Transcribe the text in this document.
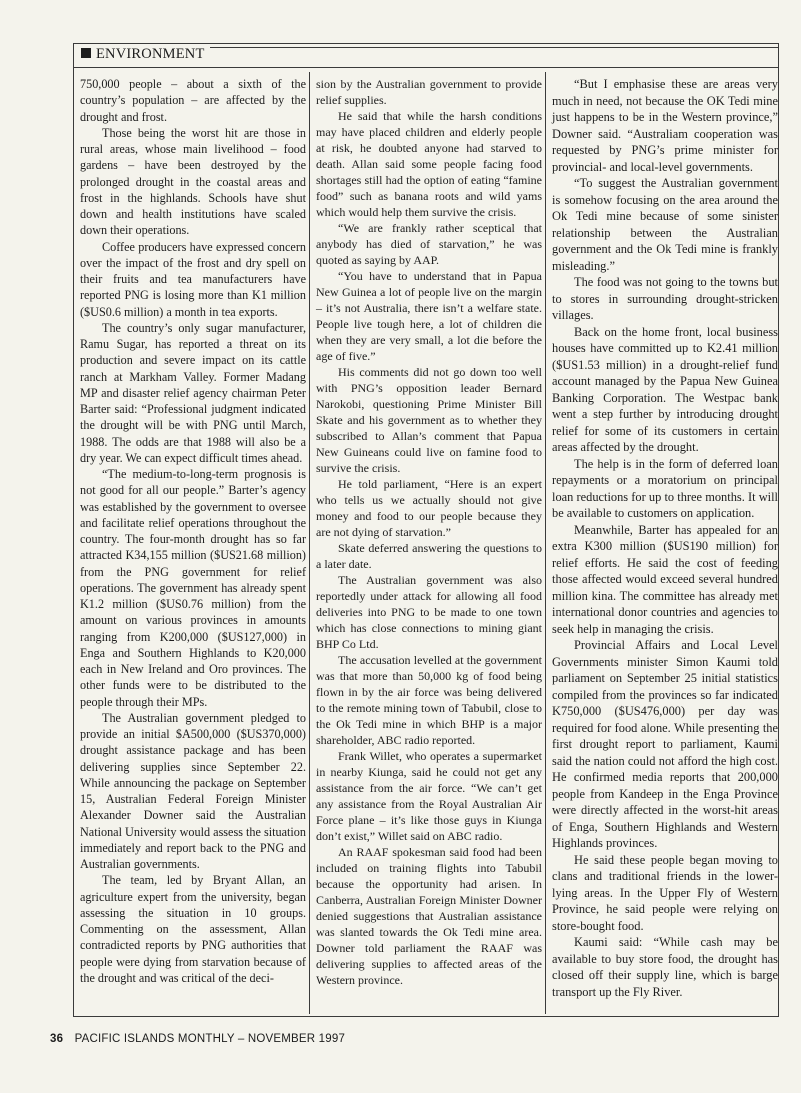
ENVIRONMENT

750,000 people – about a sixth of the country’s population – are affected by the drought and frost.

Those being the worst hit are those in rural areas, whose main livelihood – food gardens – have been destroyed by the prolonged drought in the coastal areas and frost in the highlands. Schools have shut down and health institutions have scaled down their operations.

Coffee producers have expressed concern over the impact of the frost and dry spell on their fruits and tea manufacturers have reported PNG is losing more than K1 million ($US0.6 million) a month in tea exports.

The country’s only sugar manufacturer, Ramu Sugar, has reported a threat on its production and severe impact on its cattle ranch at Markham Valley. Former Madang MP and disaster relief agency chairman Peter Barter said: “Professional judgment indicated the drought will be with PNG until March, 1988. The odds are that 1988 will also be a dry year. We can expect difficult times ahead.

“The medium-to-long-term prognosis is not good for all our people.” Barter’s agency was established by the government to oversee and facilitate relief operations throughout the country. The four-month drought has so far attracted K34,155 million ($US21.68 million) from the PNG government for relief operations. The government has already spent K1.2 million ($US0.76 million) from the amount on various provinces in amounts ranging from K200,000 ($US127,000) in Enga and Southern Highlands to K20,000 each in New Ireland and Oro provinces. The other funds were to be distributed to the people through their MPs.

The Australian government pledged to provide an initial $A500,000 ($US370,000) drought assistance package and has been delivering supplies since September 22. While announcing the package on September 15, Australian Federal Foreign Minister Alexander Downer said the Australian National University would assess the situation immediately and report back to the PNG and Australian governments.

The team, led by Bryant Allan, an agriculture expert from the university, began assessing the situation in 10 groups. Commenting on the assessment, Allan contradicted reports by PNG authorities that people were dying from starvation because of the drought and was critical of the deci-

sion by the Australian government to provide relief supplies.

He said that while the harsh conditions may have placed children and elderly people at risk, he doubted anyone had starved to death. Allan said some people facing food shortages still had the option of eating “famine food” such as banana roots and wild yams which would help them survive the crisis.

“We are frankly rather sceptical that anybody has died of starvation,” he was quoted as saying by AAP.

“You have to understand that in Papua New Guinea a lot of people live on the margin – it’s not Australia, there isn’t a welfare state. People live tough here, a lot of children die when they are very small, a lot die before the age of five.”

His comments did not go down too well with PNG’s opposition leader Bernard Narokobi, questioning Prime Minister Bill Skate and his government as to whether they subscribed to Allan’s comment that Papua New Guineans could live on famine food to survive the crisis.

He told parliament, “Here is an expert who tells us we actually should not give money and food to our people because they are not dying of starvation.”

Skate deferred answering the questions to a later date.

The Australian government was also reportedly under attack for allowing all food deliveries into PNG to be made to one town which has close connections to mining giant BHP Co Ltd.

The accusation levelled at the government was that more than 50,000 kg of food being flown in by the air force was being delivered to the remote mining town of Tabubil, close to the Ok Tedi mine in which BHP is a major shareholder, ABC radio reported.

Frank Willet, who operates a supermarket in nearby Kiunga, said he could not get any assistance from the air force. “We can’t get any assistance from the Royal Australian Air Force plane – it’s like those guys in Kiunga don’t exist,” Willet said on ABC radio.

An RAAF spokesman said food had been included on training flights into Tabubil because the opportunity had arisen. In Canberra, Australian Foreign Minister Downer denied suggestions that Australian assistance was slanted towards the Ok Tedi mine area. Downer told parliament the RAAF was delivering supplies to affected areas of the Western province.

“But I emphasise these are areas very much in need, not because the OK Tedi mine just happens to be in the Western province,” Downer said. “Australiam cooperation was requested by PNG’s prime minister for provincial- and local-level governments.

“To suggest the Australian government is somehow focusing on the area around the Ok Tedi mine because of some sinister relationship between the Australian government and the Ok Tedi mine is frankly misleading.”

The food was not going to the towns but to stores in surrounding drought-stricken villages.

Back on the home front, local business houses have committed up to K2.41 million ($US1.53 million) in a drought-relief fund account managed by the Papua New Guinea Banking Corporation. The Westpac bank went a step further by introducing drought relief for some of its customers in certain areas affected by the drought.

The help is in the form of deferred loan repayments or a moratorium on principal loan reductions for up to three months. It will be available to customers on application.

Meanwhile, Barter has appealed for an extra K300 million ($US190 million) for relief efforts. He said the cost of feeding those affected would exceed several hundred million kina. The committee has already met international donor countries and agencies to seek help in managing the crisis.

Provincial Affairs and Local Level Governments minister Simon Kaumi told parliament on September 25 initial statistics compiled from the provinces so far indicated K750,000 ($US476,000) per day was required for food alone. While presenting the first drought report to parliament, Kaumi said the nation could not afford the high cost. He confirmed media reports that 200,000 people from Kandeep in the Enga Province were directly affected in the worst-hit areas of Enga, Southern Highlands and Western Highlands provinces.

He said these people began moving to clans and traditional friends in the lower-lying areas. In the Upper Fly of Western Province, he said people were relying on store-bought food.

Kaumi said: “While cash may be available to buy store food, the drought has closed off their supply line, which is barge transport up the Fly River.

36 PACIFIC ISLANDS MONTHLY – NOVEMBER 1997
